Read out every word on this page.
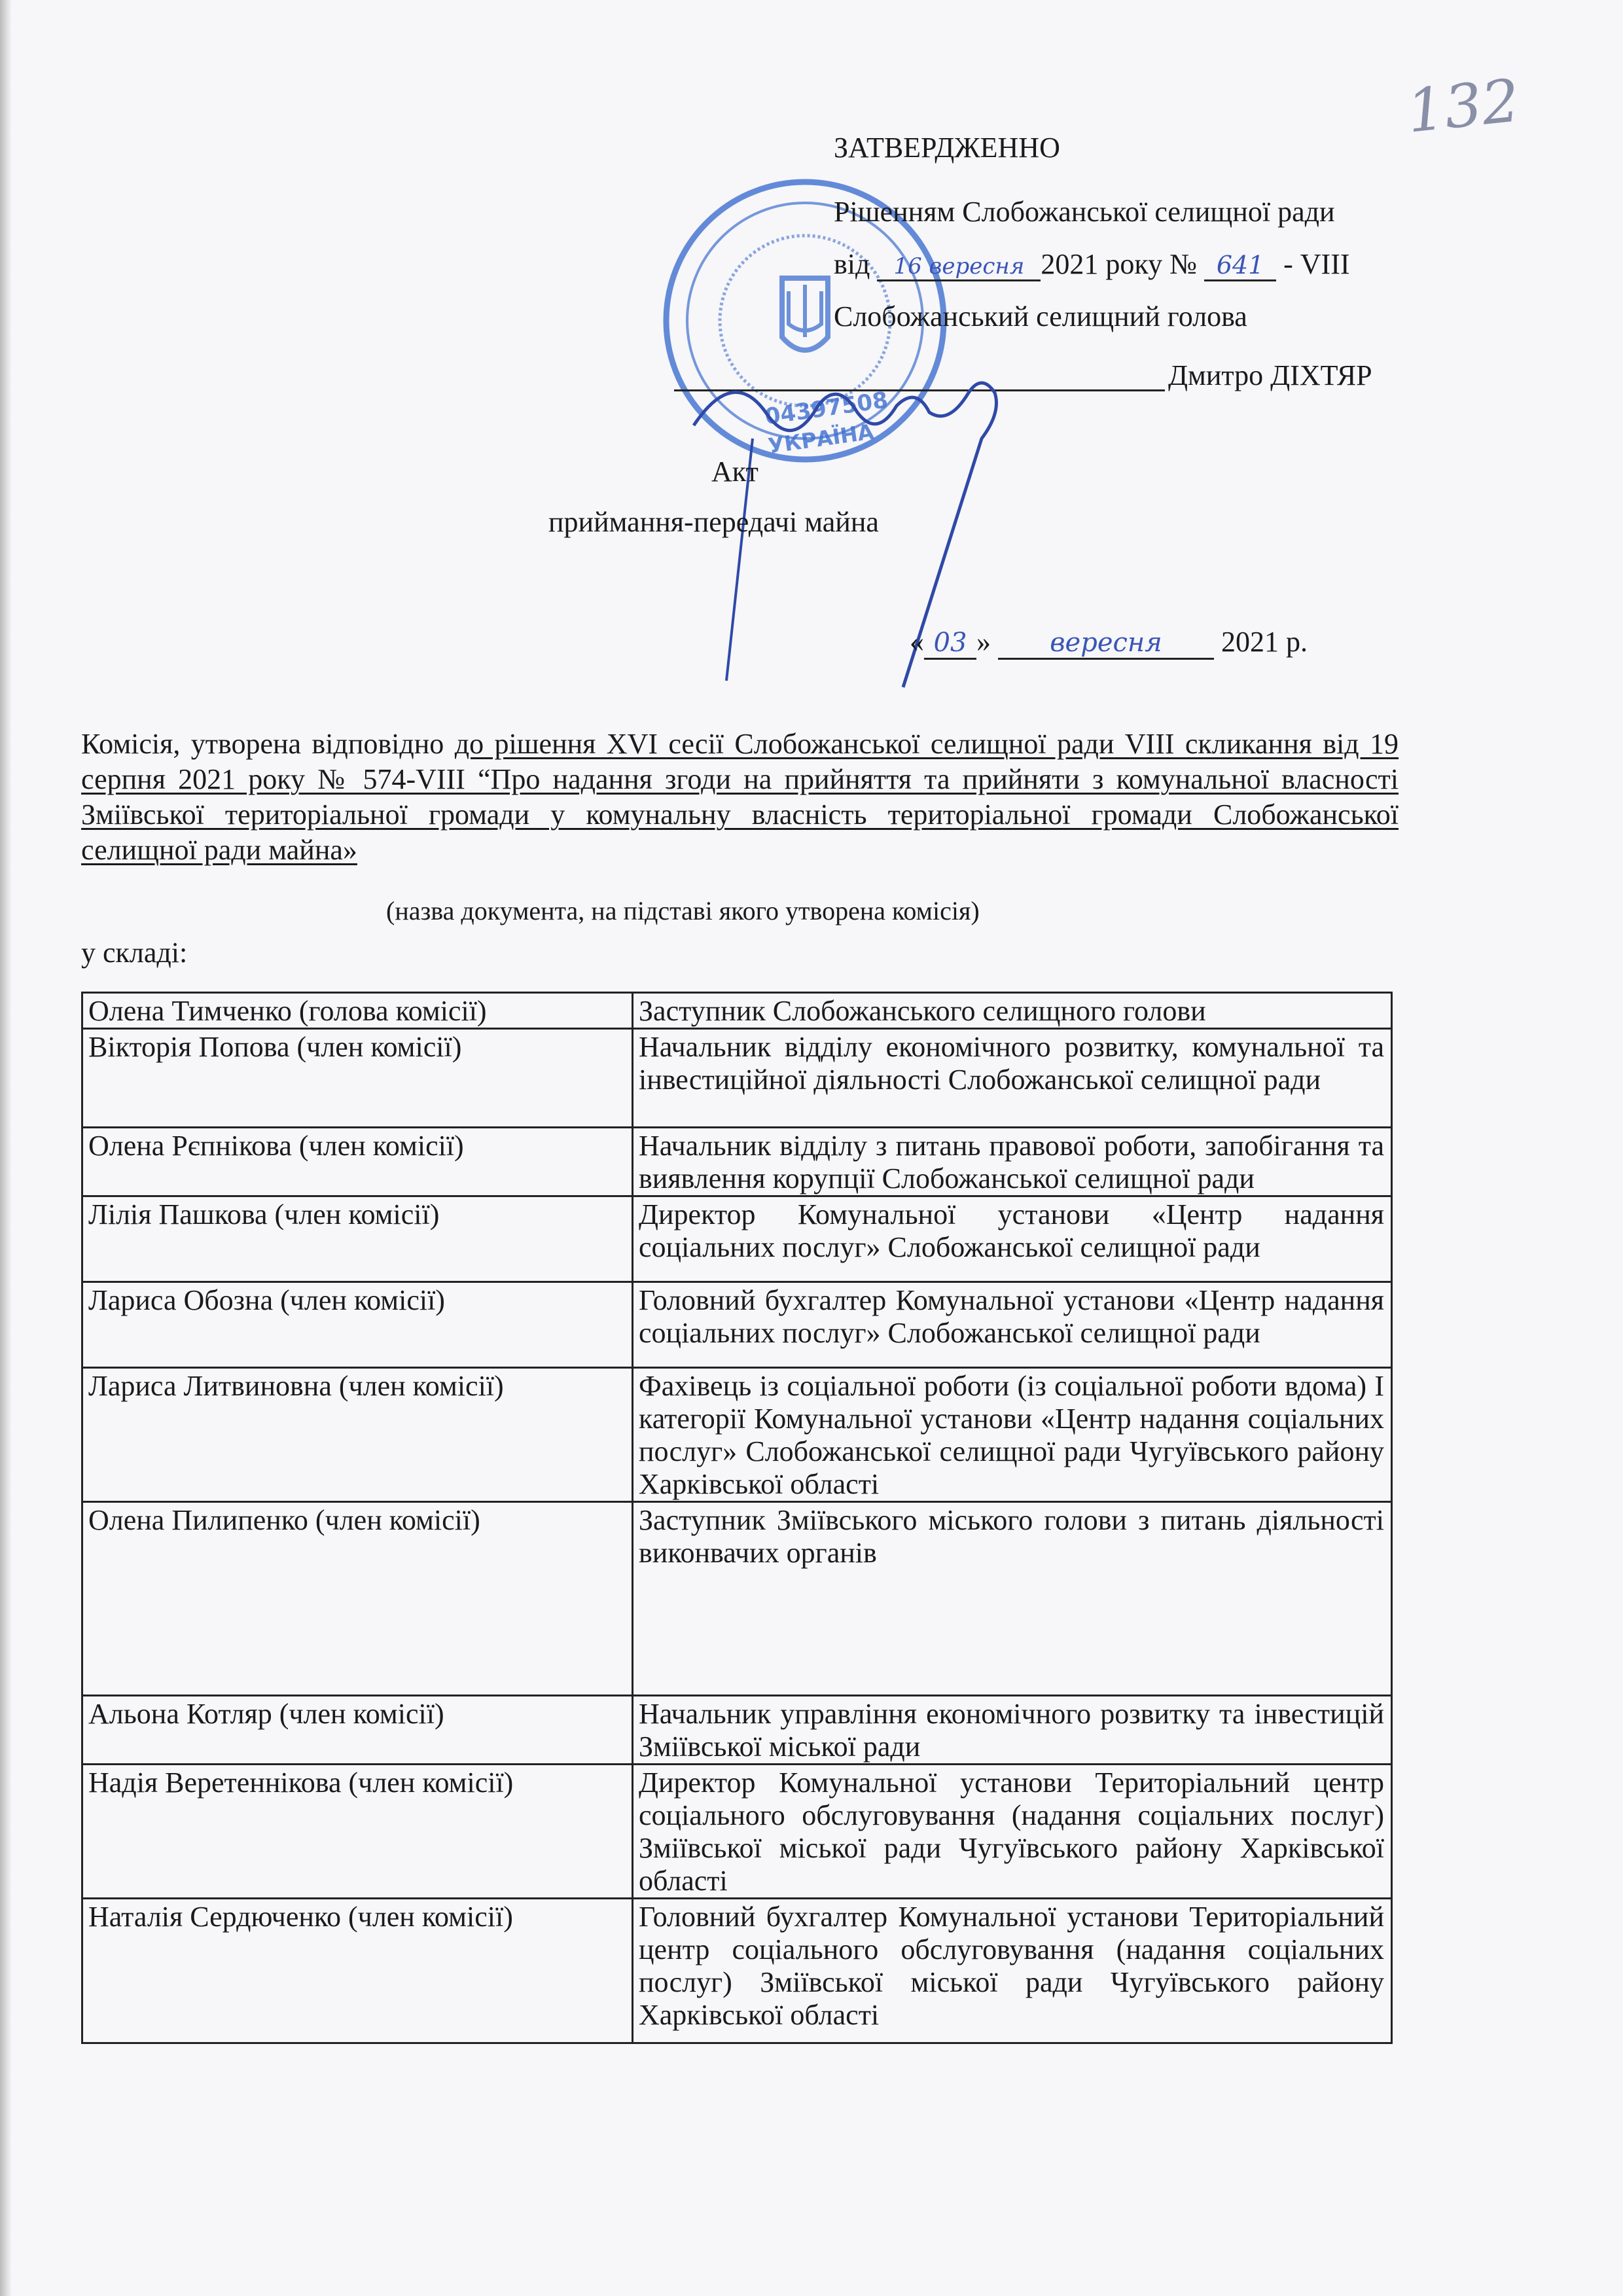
132
04397508
УКРАЇНА
ЗАТВЕРДЖЕННО
Рішенням Слобожанської селищної ради
від 16 вересня 2021 року № 641 - VIII
Слобожанський селищний голова
Дмитро ДІХТЯР
Акт
приймання-передачі майна
« 03 » вересня 2021 р.
Комісія, утворена відповідно до рішення XVI сесії Слобожанської селищної ради VIII скликання від 19 серпня 2021 року № 574-VIII “Про надання згоди на прийняття та прийняти з комунальної власності Зміївської територіальної громади у комунальну власність територіальної громади Слобожанської селищної ради майна»
(назва документа, на підставі якого утворена комісія)
у складі:
Олена Тимченко (голова комісії)	Заступник Слобожанського селищного голови
Вікторія Попова (член комісії)	Начальник відділу економічного розвитку, комунальної та інвестиційної діяльності Слобожанської селищної ради
Олена Рєпнікова (член комісії)	Начальник відділу з питань правової роботи, запобігання та виявлення корупції Слобожанської селищної ради
Лілія Пашкова (член комісії)	Директор Комунальної установи «Центр надання соціальних послуг» Слобожанської селищної ради
Лариса Обозна (член комісії)	Головний бухгалтер Комунальної установи «Центр надання соціальних послуг» Слобожанської селищної ради
Лариса Литвиновна (член комісії)	Фахівець із соціальної роботи (із соціальної роботи вдома) І категорії Комунальної установи «Центр надання соціальних послуг» Слобожанської селищної ради Чугуївського району Харківської області
Олена Пилипенко (член комісії)	Заступник Зміївського міського голови з питань діяльності виконвачих органів
Альона Котляр (член комісії)	Начальник управління економічного розвитку та інвестицій Зміївської міської ради
Надія Веретеннікова (член комісії)	Директор Комунальної установи Територіальний центр соціального обслуговування (надання соціальних послуг) Зміївської міської ради Чугуївського району Харківської області
Наталія Сердюченко (член комісії)	Головний бухгалтер Комунальної установи Територіальний центр соціального обслуговування (надання соціальних послуг) Зміївської міської ради Чугуївського району Харківської області
